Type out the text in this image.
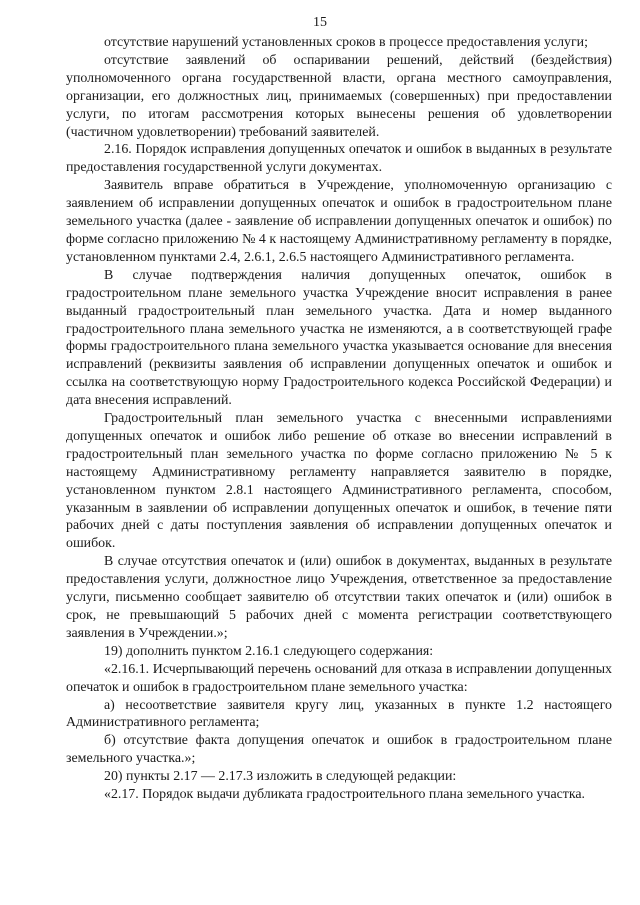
15

отсутствие нарушений установленных сроков в процессе предоставления услуги;

отсутствие заявлений об оспаривании решений, действий (бездействия) уполномоченного органа государственной власти, органа местного самоуправления, организации, его должностных лиц, принимаемых (совершенных) при предоставлении услуги, по итогам рассмотрения которых вынесены решения об удовлетворении (частичном удовлетворении) требований заявителей.

2.16. Порядок исправления допущенных опечаток и ошибок в выданных в результате предоставления государственной услуги документах.

Заявитель вправе обратиться в Учреждение, уполномоченную организацию с заявлением об исправлении допущенных опечаток и ошибок в градостроительном плане земельного участка (далее - заявление об исправлении допущенных опечаток и ошибок) по форме согласно приложению № 4 к настоящему Административному регламенту в порядке, установленном пунктами 2.4, 2.6.1, 2.6.5 настоящего Административного регламента.

В случае подтверждения наличия допущенных опечаток, ошибок в градостроительном плане земельного участка Учреждение вносит исправления в ранее выданный градостроительный план земельного участка. Дата и номер выданного градостроительного плана земельного участка не изменяются, а в соответствующей графе формы градостроительного плана земельного участка указывается основание для внесения исправлений (реквизиты заявления об исправлении допущенных опечаток и ошибок и ссылка на соответствующую норму Градостроительного кодекса Российской Федерации) и дата внесения исправлений.

Градостроительный план земельного участка с внесенными исправлениями допущенных опечаток и ошибок либо решение об отказе во внесении исправлений в градостроительный план земельного участка по форме согласно приложению № 5 к настоящему Административному регламенту направляется заявителю в порядке, установленном пунктом 2.8.1 настоящего Административного регламента, способом, указанным в заявлении об исправлении допущенных опечаток и ошибок, в течение пяти рабочих дней с даты поступления заявления об исправлении допущенных опечаток и ошибок.

В случае отсутствия опечаток и (или) ошибок в документах, выданных в результате предоставления услуги, должностное лицо Учреждения, ответственное за предоставление услуги, письменно сообщает заявителю об отсутствии таких опечаток и (или) ошибок в срок, не превышающий 5 рабочих дней с момента регистрации соответствующего заявления в Учреждении.»;

19) дополнить пунктом 2.16.1 следующего содержания:

«2.16.1. Исчерпывающий перечень оснований для отказа в исправлении допущенных опечаток и ошибок в градостроительном плане земельного участка:

а) несоответствие заявителя кругу лиц, указанных в пункте 1.2 настоящего Административного регламента;

б) отсутствие факта допущения опечаток и ошибок в градостроительном плане земельного участка.»;

20) пункты 2.17 — 2.17.3 изложить в следующей редакции:

«2.17. Порядок выдачи дубликата градостроительного плана земельного участка.
